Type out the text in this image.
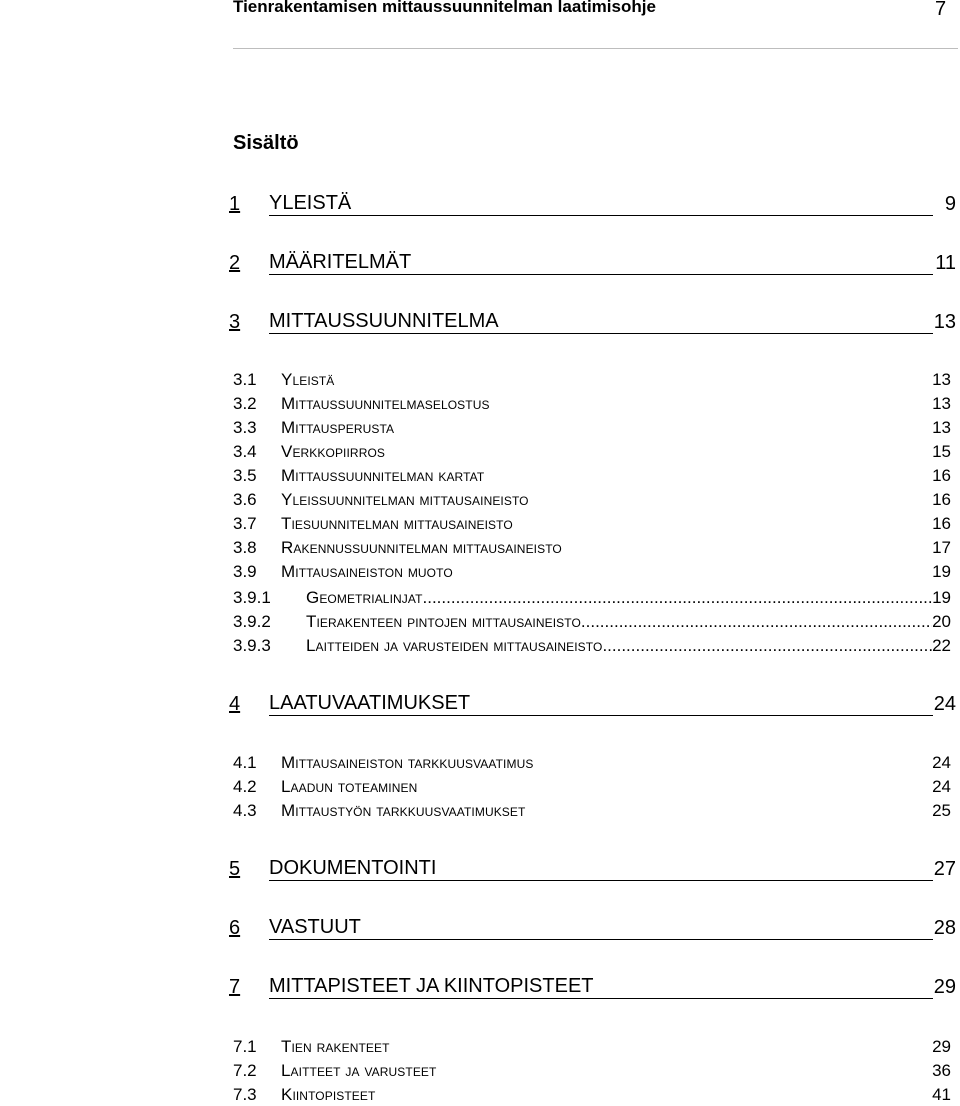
Tienrakentamisen mittaussuunnitelman laatimisohje	7
Sisältö
1 YLEISTÄ	9
2 MÄÄRITELMÄT	11
3 MITTAUSSUUNNITELMA	13
3.1 Yleistä	13
3.2 Mittaussuunnitelmaselostus	13
3.3 Mittausperusta	13
3.4 Verkkopiirros	15
3.5 Mittaussuunnitelman kartat	16
3.6 Yleissuunnitelman mittausaineisto	16
3.7 Tiesuunnitelman mittausaineisto	16
3.8 Rakennussuunnitelman mittausaineisto	17
3.9 Mittausaineiston muoto	19
3.9.1 Geometrialinjat .....	19
3.9.2 Tierakenteen pintojen mittausaineisto .....	20
3.9.3 Laitteiden ja varusteiden mittausaineisto .....	22
4 LAATUVAATIMUKSET	24
4.1 Mittausaineiston tarkkuusvaatimus	24
4.2 Laadun toteaminen	24
4.3 Mittaustyön tarkkuusvaatimukset	25
5 DOKUMENTOINTI	27
6 VASTUUT	28
7 MITTAPISTEET JA KIINTOPISTEET	29
7.1 Tien rakenteet	29
7.2 Laitteet ja varusteet	36
7.3 Kiintopisteet	41
